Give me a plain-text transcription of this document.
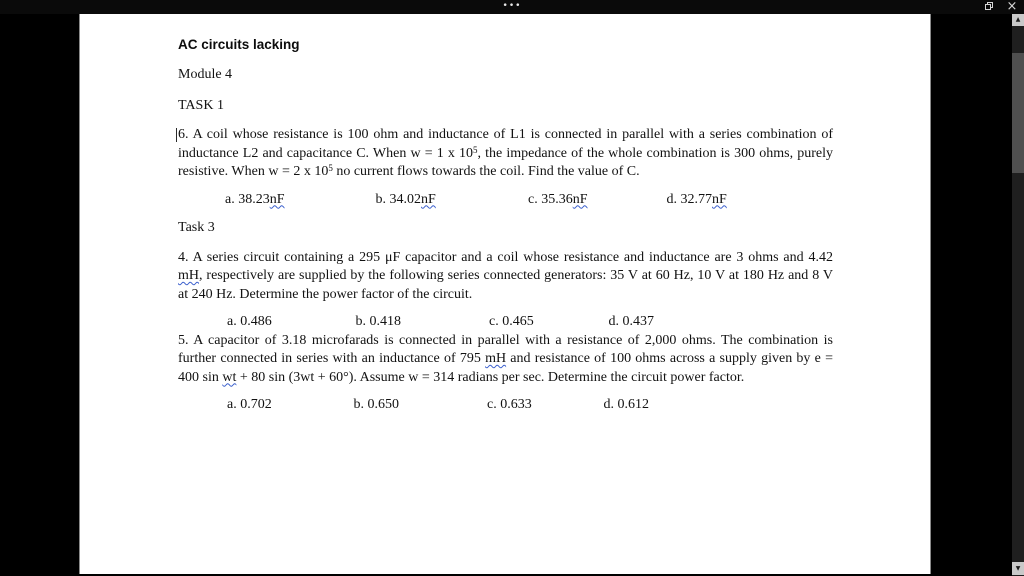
•••	×
AC circuits lacking
Module 4
TASK 1
6. A coil whose resistance is 100 ohm and inductance of L1 is connected in parallel with a series combination of inductance L2 and capacitance C. When w = 1 x $10^5$, the impedance of the whole combination is 300 ohms, purely resistive. When w = 2 x $10^5$ no current flows towards the coil. Find the value of C.
a. 38.23nF	b. 34.02nF	c. 35.36nF	d. 32.77nF
Task 3
4. A series circuit containing a 295 μF capacitor and a coil whose resistance and inductance are 3 ohms and 4.42 mH, respectively are supplied by the following series connected generators: 35 V at 60 Hz, 10 V at 180 Hz and 8 V at 240 Hz. Determine the power factor of the circuit.
a. 0.486	b. 0.418	c. 0.465	d. 0.437
5. A capacitor of 3.18 microfarads is connected in parallel with a resistance of 2,000 ohms. The combination is further connected in series with an inductance of 795 mH and resistance of 100 ohms across a supply given by e = 400 sin wt + 80 sin (3wt + 60°). Assume w = 314 radians per sec. Determine the circuit power factor.
a. 0.702	b. 0.650	c. 0.633	d. 0.612
▲
▼
